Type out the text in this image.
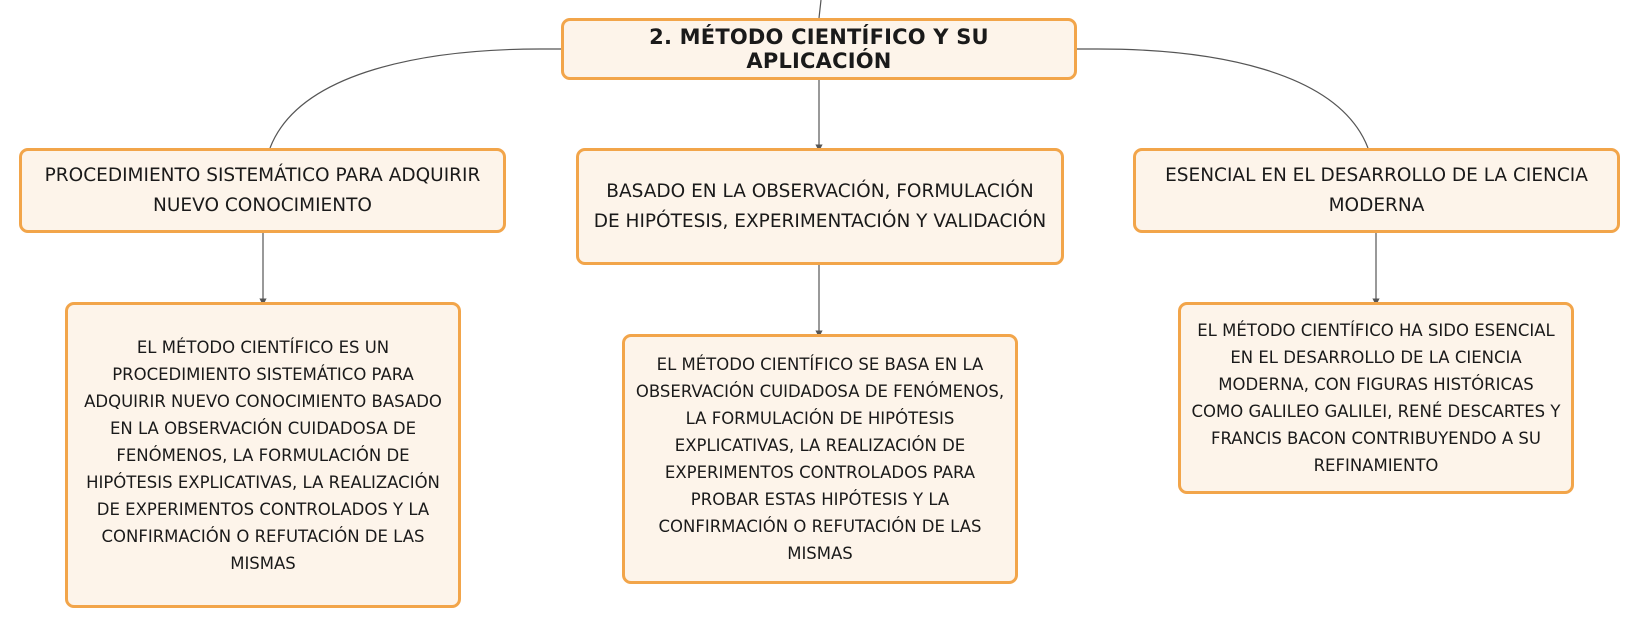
2. MÉTODO CIENTÍFICO Y SU APLICACIÓN
PROCEDIMIENTO SISTEMÁTICO PARA ADQUIRIR NUEVO CONOCIMIENTO
BASADO EN LA OBSERVACIÓN, FORMULACIÓN DE HIPÓTESIS, EXPERIMENTACIÓN Y VALIDACIÓN
ESENCIAL EN EL DESARROLLO DE LA CIENCIA MODERNA
EL MÉTODO CIENTÍFICO ES UN PROCEDIMIENTO SISTEMÁTICO PARA ADQUIRIR NUEVO CONOCIMIENTO BASADO EN LA OBSERVACIÓN CUIDADOSA DE FENÓMENOS, LA FORMULACIÓN DE HIPÓTESIS EXPLICATIVAS, LA REALIZACIÓN DE EXPERIMENTOS CONTROLADOS Y LA CONFIRMACIÓN O REFUTACIÓN DE LAS MISMAS
EL MÉTODO CIENTÍFICO SE BASA EN LA OBSERVACIÓN CUIDADOSA DE FENÓMENOS, LA FORMULACIÓN DE HIPÓTESIS EXPLICATIVAS, LA REALIZACIÓN DE EXPERIMENTOS CONTROLADOS PARA PROBAR ESTAS HIPÓTESIS Y LA CONFIRMACIÓN O REFUTACIÓN DE LAS MISMAS
EL MÉTODO CIENTÍFICO HA SIDO ESENCIAL EN EL DESARROLLO DE LA CIENCIA MODERNA, CON FIGURAS HISTÓRICAS COMO GALILEO GALILEI, RENÉ DESCARTES Y FRANCIS BACON CONTRIBUYENDO A SU REFINAMIENTO
